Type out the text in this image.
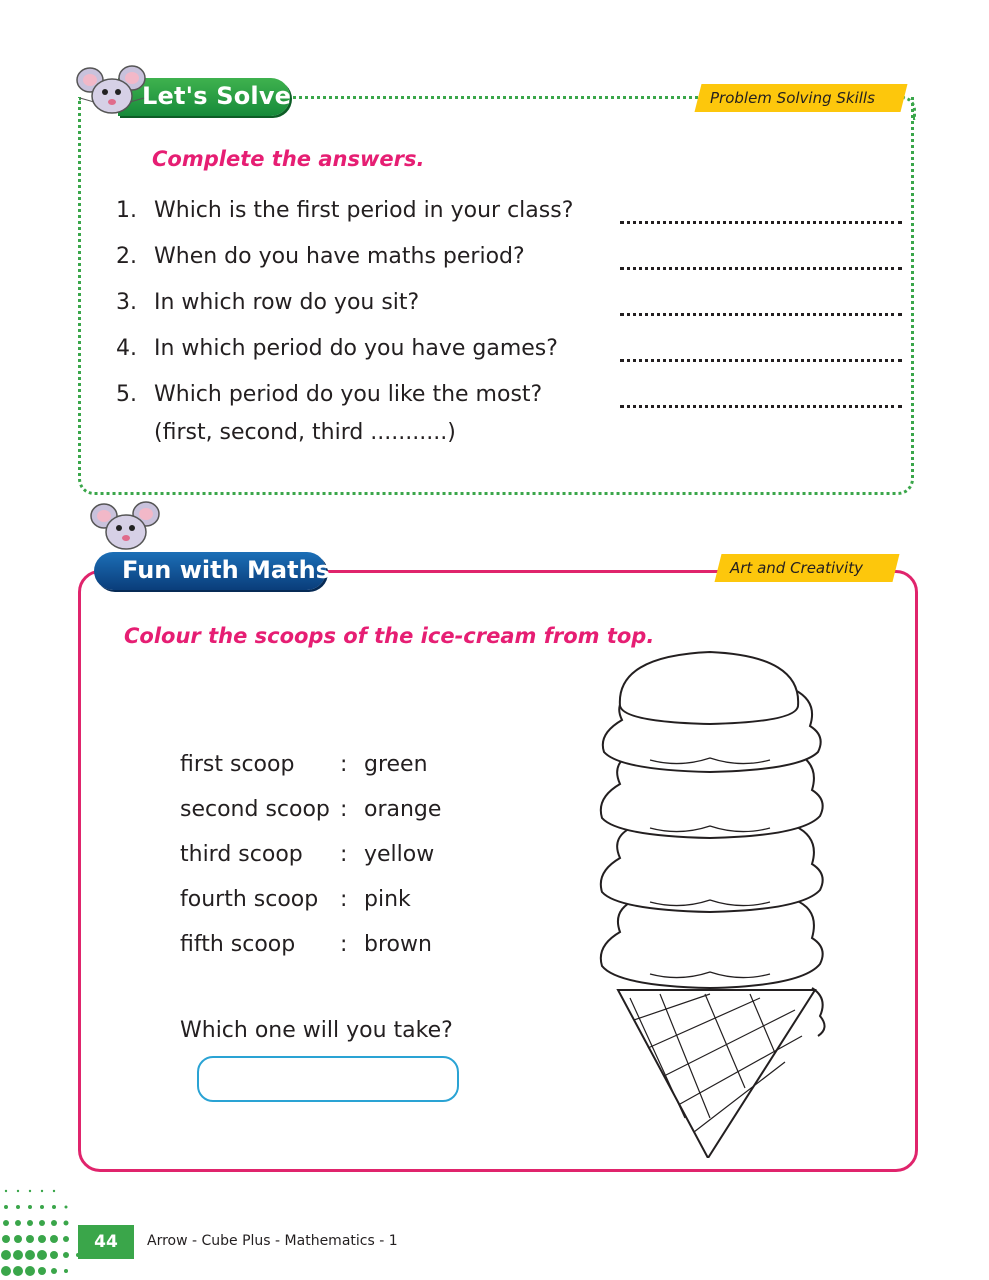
Let's Solve	Problem Solving Skills
Complete the answers.
1. Which is the first period in your class?
2. When do you have maths period?
3. In which row do you sit?
4. In which period do you have games?
5. Which period do you like the most?
(first, second, third ...........)
Fun with Maths	Art and Creativity
Colour the scoops of the ice-cream from top.
first scoop : green
second scoop : orange
third scoop : yellow
fourth scoop : pink
fifth scoop : brown
Which one will you take?
44	Arrow - Cube Plus - Mathematics - 1
